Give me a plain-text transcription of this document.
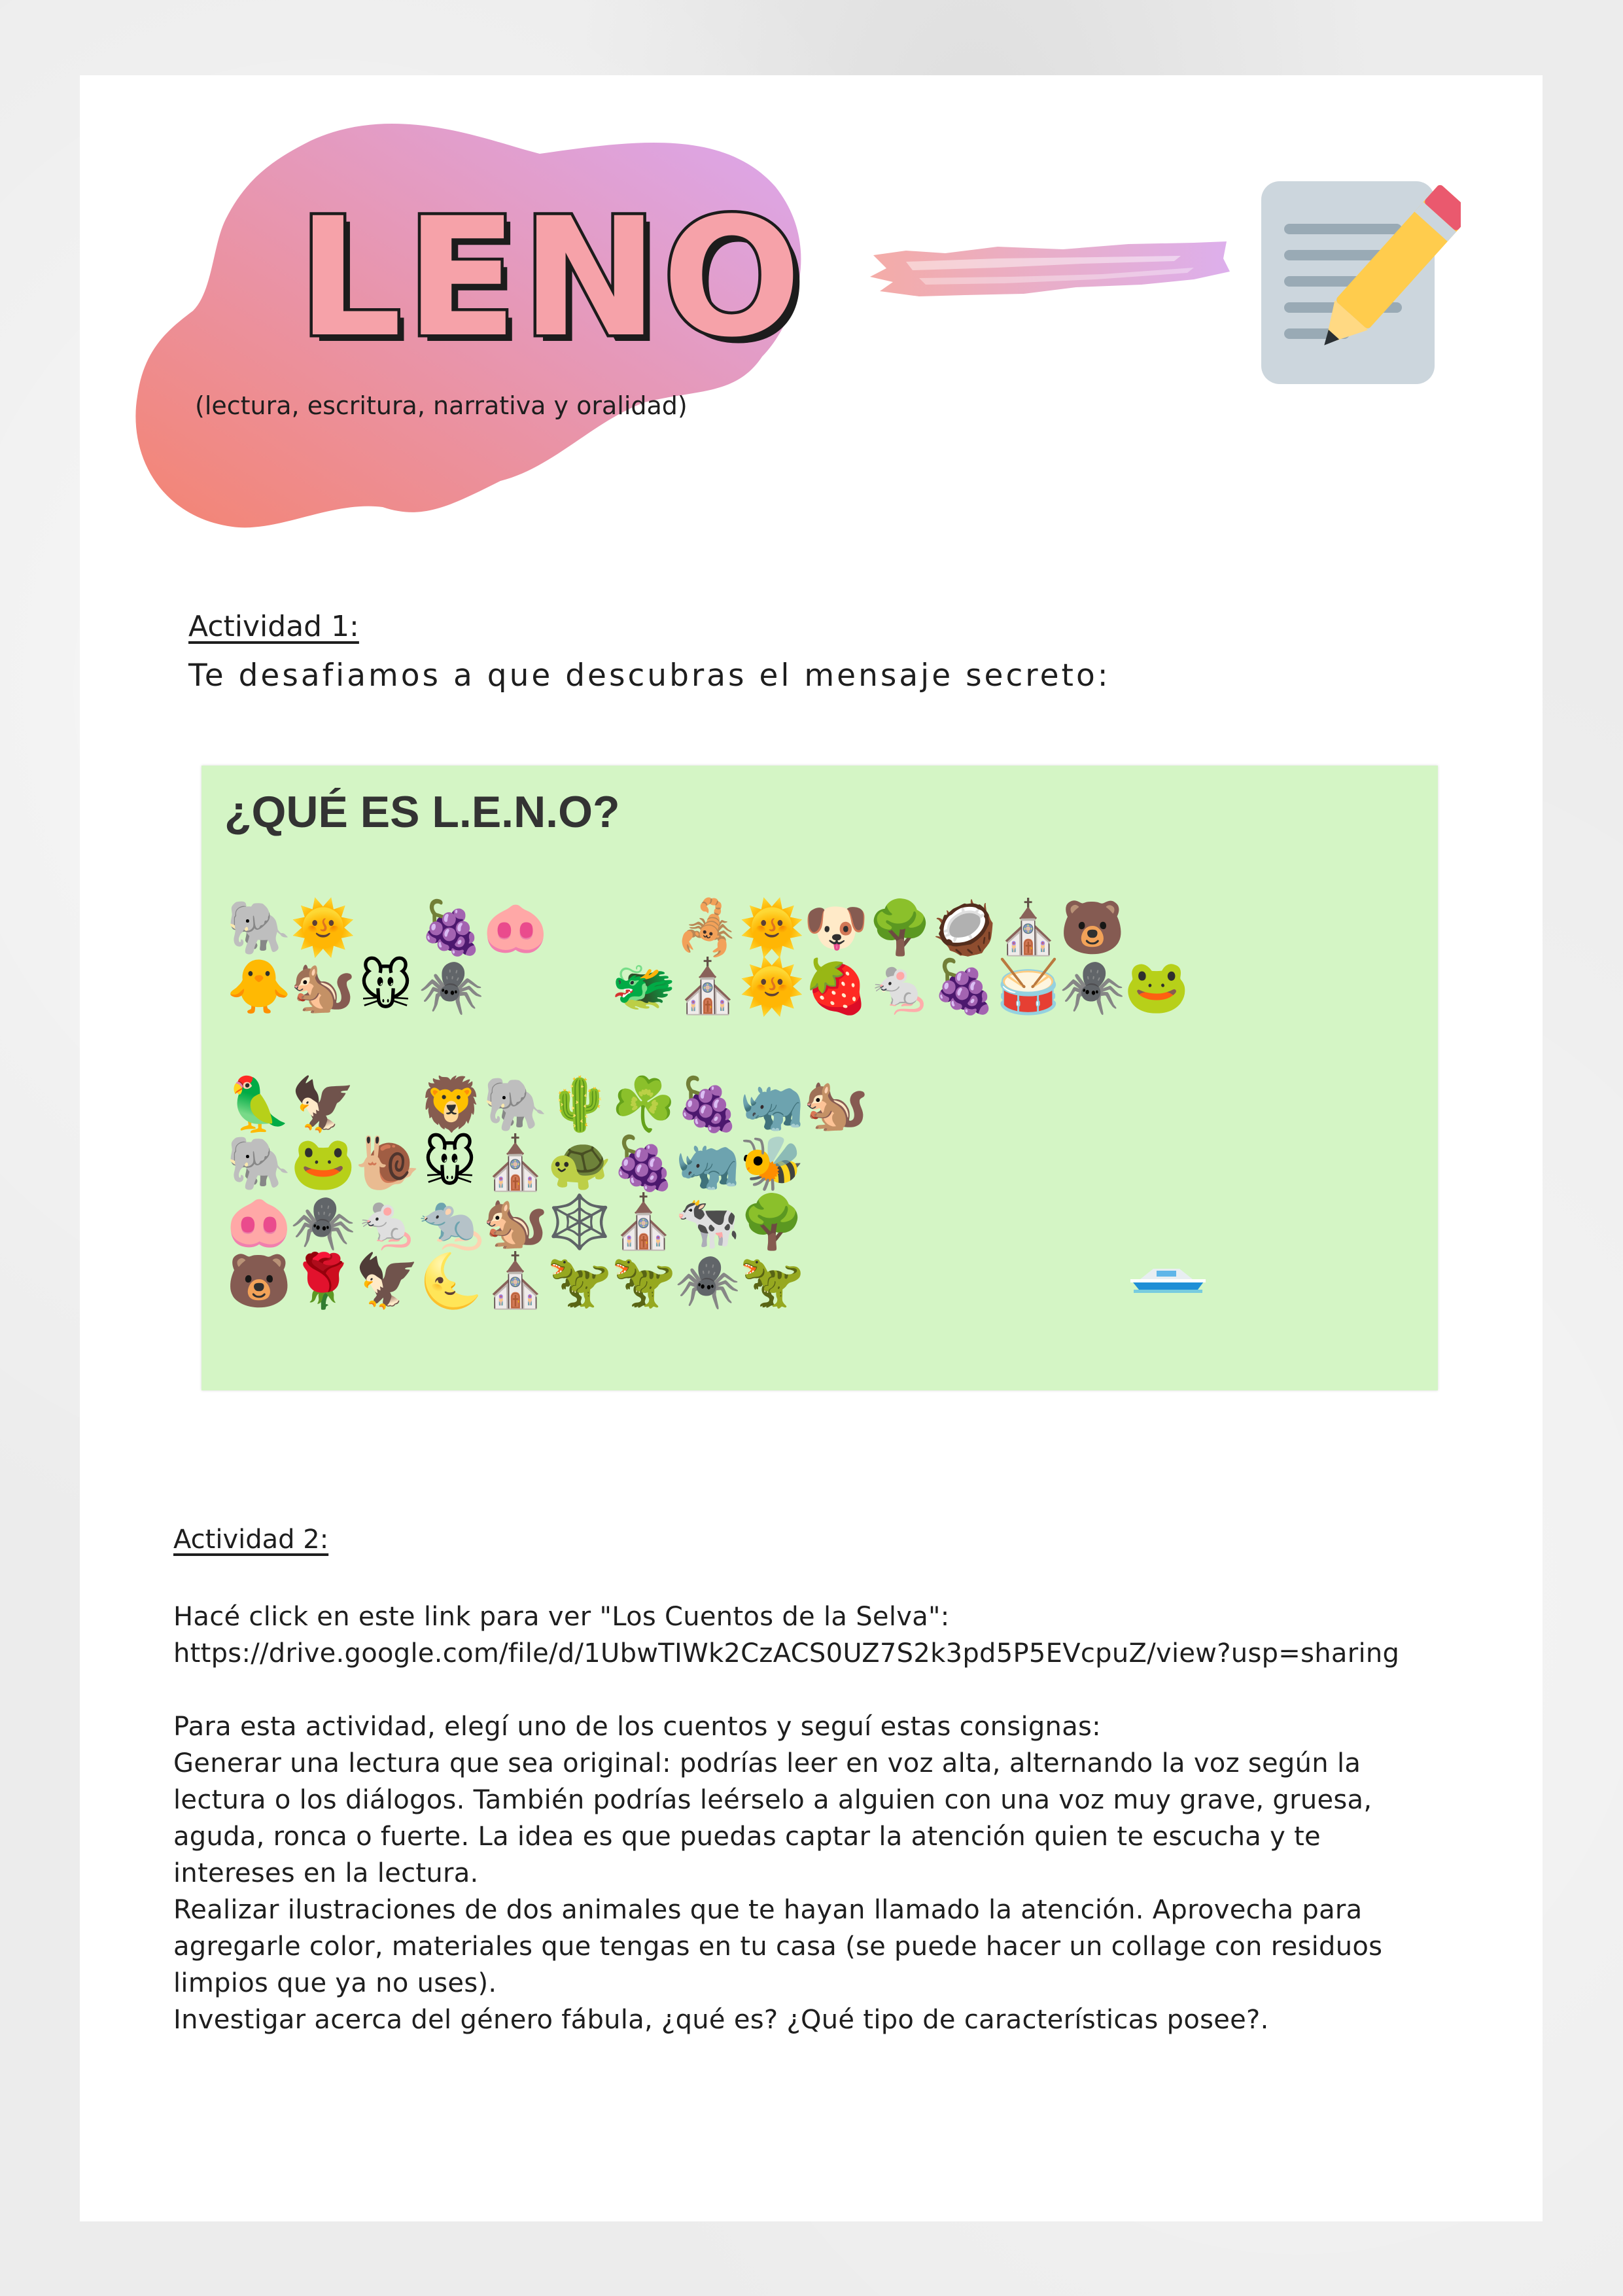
LENO
(lectura, escritura, narrativa y oralidad)
Actividad 1:
Te desafiamos a que descubras el mensaje secreto:
¿QUÉ ES L.E.N.O?
🐘
🌞 🍇
🐽 🦂
🌞
🐶
🌳
🥥
⛪
🐻
🐥
🐿️ 🐭 🕷️ 🐲
⛪
🌞
🍓
🐁
🍇
🥁
🕷️
🐸
🦜
🦅 🦁
🐘
🌵
☘️
🍇
🦏
🐿️
🐘
🐸
🐌 🐭 ⛪
🐢
🍇
🦏
🐝
🐽
🕷️
🐁
🐀
🐿️
🕸️
⛪
🐄
🌳
🐻
🌹
🦅
🌜
⛪
🦖
🦖
🕷️
🦖
Actividad 2:
Hacé click en este link para ver "Los Cuentos de la Selva":
https://drive.google.com/file/d/1UbwTIWk2CzACS0UZ7S2k3pd5P5EVcpuZ/view?usp=sharing
Para esta actividad, elegí uno de los cuentos y seguí estas consignas:
Generar una lectura que sea original: podrías leer en voz alta, alternando la voz según la
lectura o los diálogos. También podrías leérselo a alguien con una voz muy grave, gruesa,
aguda, ronca o fuerte. La idea es que puedas captar la atención quien te escucha y te
intereses en la lectura.
Realizar ilustraciones de dos animales que te hayan llamado la atención. Aprovecha para
agregarle color, materiales que tengas en tu casa (se puede hacer un collage con residuos
limpios que ya no uses).
Investigar acerca del género fábula, ¿qué es? ¿Qué tipo de características posee?.
